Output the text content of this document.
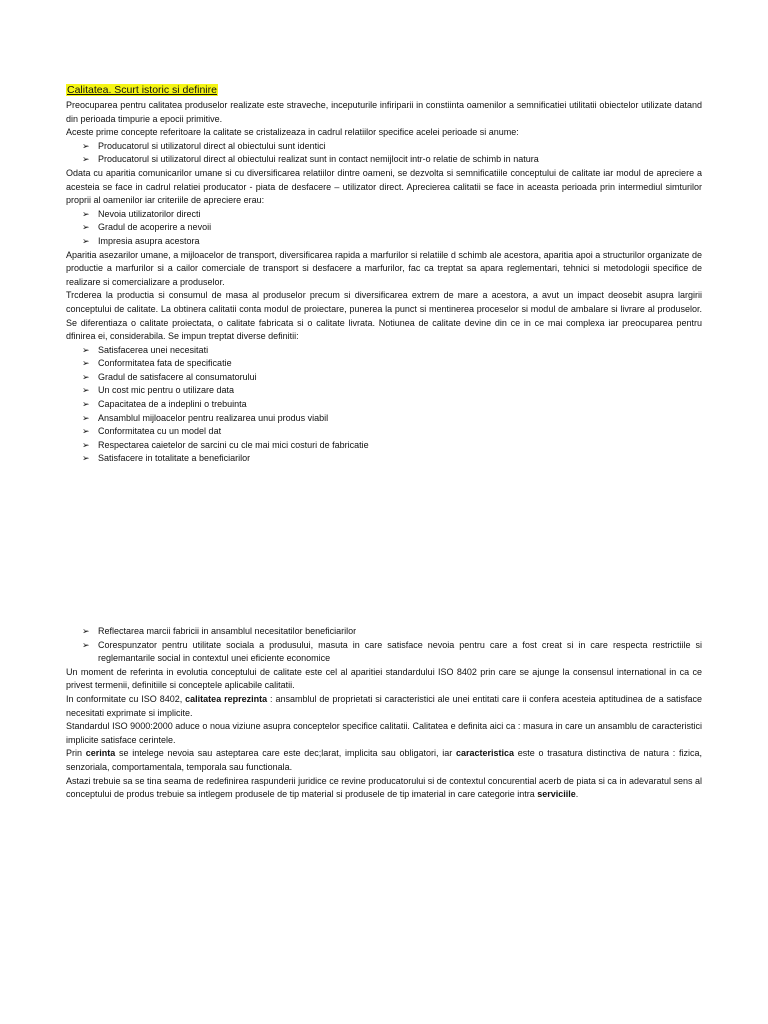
Calitatea. Scurt istoric si definire

Preocuparea pentru calitatea produselor realizate este straveche, inceputurile infiriparii in constiinta oamenilor a semnificatiei utilitatii obiectelor utilizate datand din perioada timpurie a epocii primitive.

Aceste prime concepte referitoare la calitate se cristalizeaza in cadrul relatiilor specifice acelei perioade si anume:

➢ Producatorul si utilizatorul direct al obiectului sunt identici
➢ Producatorul si utilizatorul direct al obiectului realizat sunt in contact nemijlocit intr-o relatie de schimb in natura

Odata cu aparitia comunicarilor umane si cu diversificarea relatiilor dintre oameni, se dezvolta si semnificatiile conceptului de calitate iar modul de apreciere a acesteia se face in cadrul relatiei producator - piata de desfacere – utilizator direct. Aprecierea calitatii se face in aceasta perioada prin intermediul simturilor proprii al oamenilor iar criteriile de apreciere erau:

➢ Nevoia utilizatorilor directi
➢ Gradul de acoperire a nevoii
➢ Impresia asupra acestora

Aparitia asezarilor umane, a mijloacelor de transport, diversificarea rapida a marfurilor si relatiile d schimb ale acestora, aparitia apoi a structurilor organizate de productie a marfurilor si a cailor comerciale de transport si desfacere a marfurilor, fac ca treptat sa apara reglementari, tehnici si metodologii specifice de realizare si comercializare a produselor.

Trcderea la productia si consumul de masa al produselor precum si diversificarea extrem de mare a acestora, a avut un impact deosebit asupra largirii conceptului de calitate. La obtinera calitatii conta modul de proiectare, punerea la punct si mentinerea proceselor si modul de ambalare si livrare al produselor. Se diferentiaza o calitate proiectata, o calitate fabricata si o calitate livrata. Notiunea de calitate devine din ce in ce mai complexa iar preocuparea pentru dfinirea ei, considerabila. Se impun treptat diverse definitii:

➢ Satisfacerea unei necesitati
➢ Conformitatea fata de specificatie
➢ Gradul de satisfacere al consumatorului
➢ Un cost mic pentru o utilizare data
➢ Capacitatea de a indeplini o trebuinta
➢ Ansamblul mijloacelor pentru realizarea unui produs viabil
➢ Conformitatea cu un model dat
➢ Respectarea caietelor de sarcini cu cle mai mici costuri de fabricatie
➢ Satisfacere in totalitate a beneficiarilor
➢ Reflectarea marcii fabricii in ansamblul necesitatilor beneficiarilor
➢ Corespunzator pentru utilitate sociala a produsului, masuta in care satisface nevoia pentru care a fost creat si in care respecta restrictiile si reglemantarile social in contextul unei eficiente economice

Un moment de referinta in evolutia conceptului de calitate este cel al aparitiei standardului ISO 8402 prin care se ajunge la consensul international in ca ce privest termenii, definitiile si conceptele aplicabile calitatii.

In conformitate cu ISO 8402, calitatea reprezinta : ansamblul de proprietati si caracteristici ale unei entitati care ii confera acesteia aptitudinea de a satisface necesitati exprimate si implicite.

Standardul ISO 9000:2000 aduce o noua viziune asupra conceptelor specifice calitatii. Calitatea e definita aici ca : masura in care un ansamblu de caracteristici implicite satisface cerintele.

Prin cerinta se intelege nevoia sau asteptarea care este dec;larat, implicita sau obligatori, iar caracteristica este o trasatura distinctiva de natura : fizica, senzoriala, comportamentala, temporala sau functionala.

Astazi trebuie sa se tina seama de redefinirea raspunderii juridice ce revine producatorului si de contextul concurential acerb de piata si ca in adevaratul sens al conceptului de produs trebuie sa intlegem produsele de tip material si produsele de tip imaterial in care categorie intra serviciile.
